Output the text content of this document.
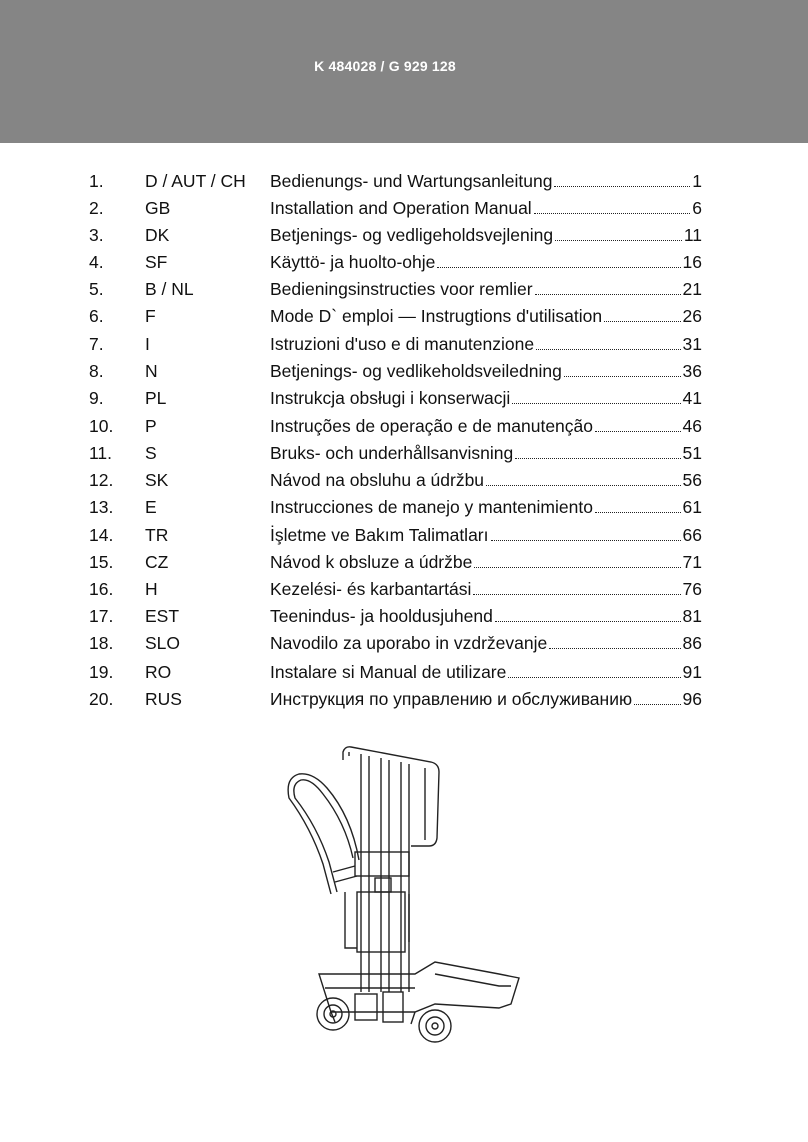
K 484028 / G 929 128
1. D / AUT / CH Bedienungs- und Wartungsanleitung	1
2. GB	Installation and Operation Manual	6
3. DK	Betjenings- og vedligeholdsvejlening	11
4. SF	Käyttö- ja huolto-ohje	16
5. B / NL	Bedieningsinstructies voor remlier	21
6. F	Mode D` emploi — Instrugtions d'utilisation	26
7. I	Istruzioni d'uso e di manutenzione	31
8. N	Betjenings- og vedlikeholdsveiledning	36
9. PL	Instrukcja obsługi i konserwacji	41
10. P	Instruções de operação e de manutenção	46
11. S	Bruks- och underhållsanvisning	51
12. SK	Návod na obsluhu a údržbu	56
13. E	Instrucciones de manejo y mantenimiento	61
14. TR	İşletme ve Bakım Talimatları	66
15. CZ	Návod k obsluze a údržbe	71
16. H	Kezelési- és karbantartási	76
17. EST	Teenindus- ja hooldusjuhend	81
18. SLO	Navodilo za uporabo in vzdrževanje	86
19. RO	Instalare si Manual de utilizare	91
20. RUS	Инструкция по управлению и обслуживанию	96
